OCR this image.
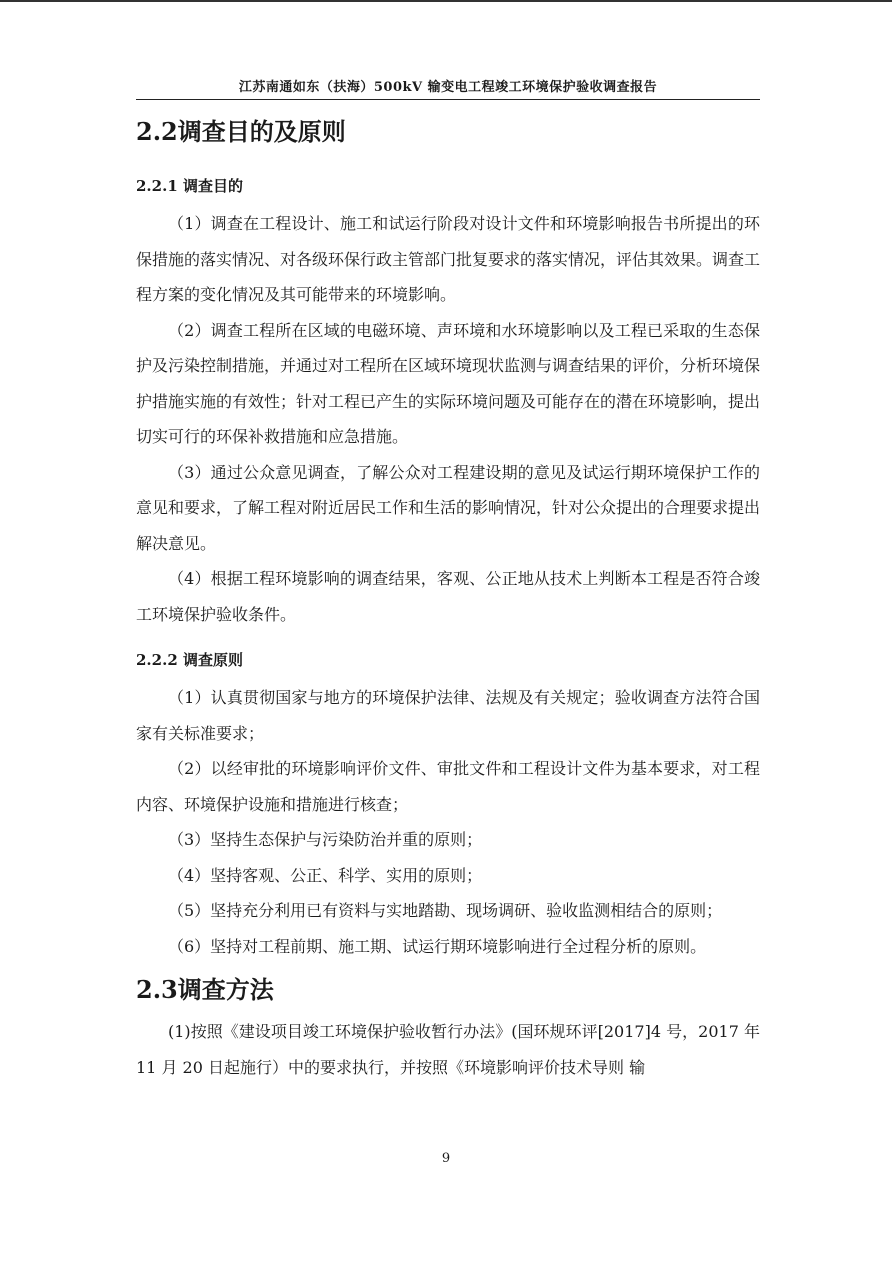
江苏南通如东（扶海）500kV 输变电工程竣工环境保护验收调查报告
2.2调查目的及原则
2.2.1 调查目的

（1）调查在工程设计、施工和试运行阶段对设计文件和环境影响报告书所提出的环保措施的落实情况、对各级环保行政主管部门批复要求的落实情况，评估其效果。调查工程方案的变化情况及其可能带来的环境影响。

（2）调查工程所在区域的电磁环境、声环境和水环境影响以及工程已采取的生态保护及污染控制措施，并通过对工程所在区域环境现状监测与调查结果的评价，分析环境保护措施实施的有效性；针对工程已产生的实际环境问题及可能存在的潜在环境影响，提出切实可行的环保补救措施和应急措施。

（3）通过公众意见调查，了解公众对工程建设期的意见及试运行期环境保护工作的意见和要求，了解工程对附近居民工作和生活的影响情况，针对公众提出的合理要求提出解决意见。

（4）根据工程环境影响的调查结果，客观、公正地从技术上判断本工程是否符合竣工环境保护验收条件。

2.2.2 调查原则

（1）认真贯彻国家与地方的环境保护法律、法规及有关规定；验收调查方法符合国家有关标准要求；

（2）以经审批的环境影响评价文件、审批文件和工程设计文件为基本要求，对工程内容、环境保护设施和措施进行核查；

（3）坚持生态保护与污染防治并重的原则；

（4）坚持客观、公正、科学、实用的原则；

（5）坚持充分利用已有资料与实地踏勘、现场调研、验收监测相结合的原则；

（6）坚持对工程前期、施工期、试运行期环境影响进行全过程分析的原则。

2.3调查方法

(1)按照《建设项目竣工环境保护验收暂行办法》(国环规环评[2017]4 号，2017 年 11 月 20 日起施行）中的要求执行，并按照《环境影响评价技术导则 输

9
